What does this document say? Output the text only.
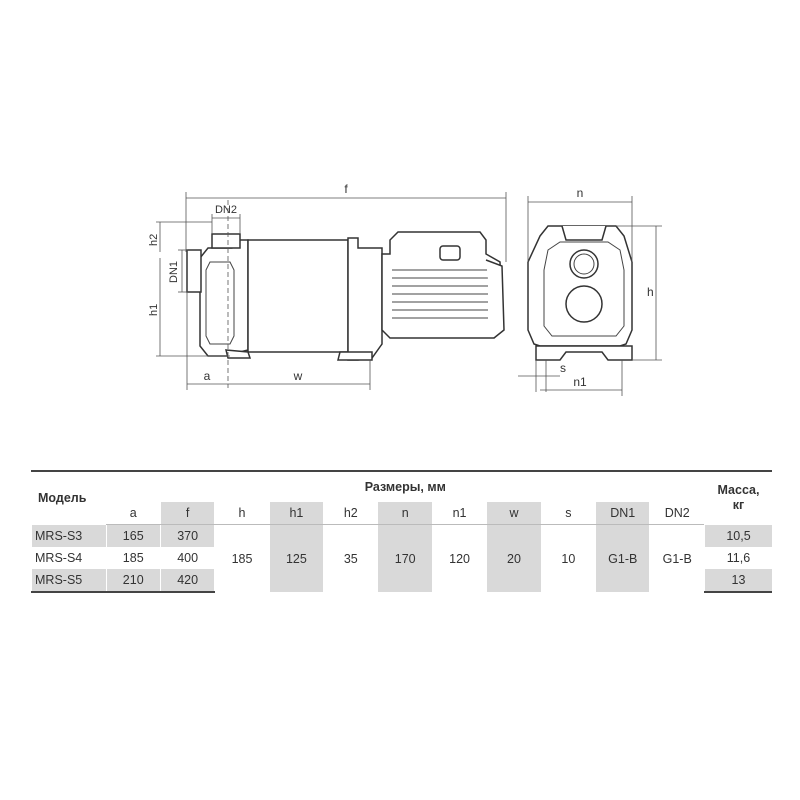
f
DN2
h2
DN1
h1
a	w
n
h
s
n1
Модель	Размеры, мм											Масса,
кг
	a	f	h	h1	h2	n	n1	w	s	DN1	DN2	
MRS-S3	165	370	185	125	35	170	120	20	10	G1-B	G1-B	10,5
MRS-S4	185	400										11,6
MRS-S5	210	420										13
